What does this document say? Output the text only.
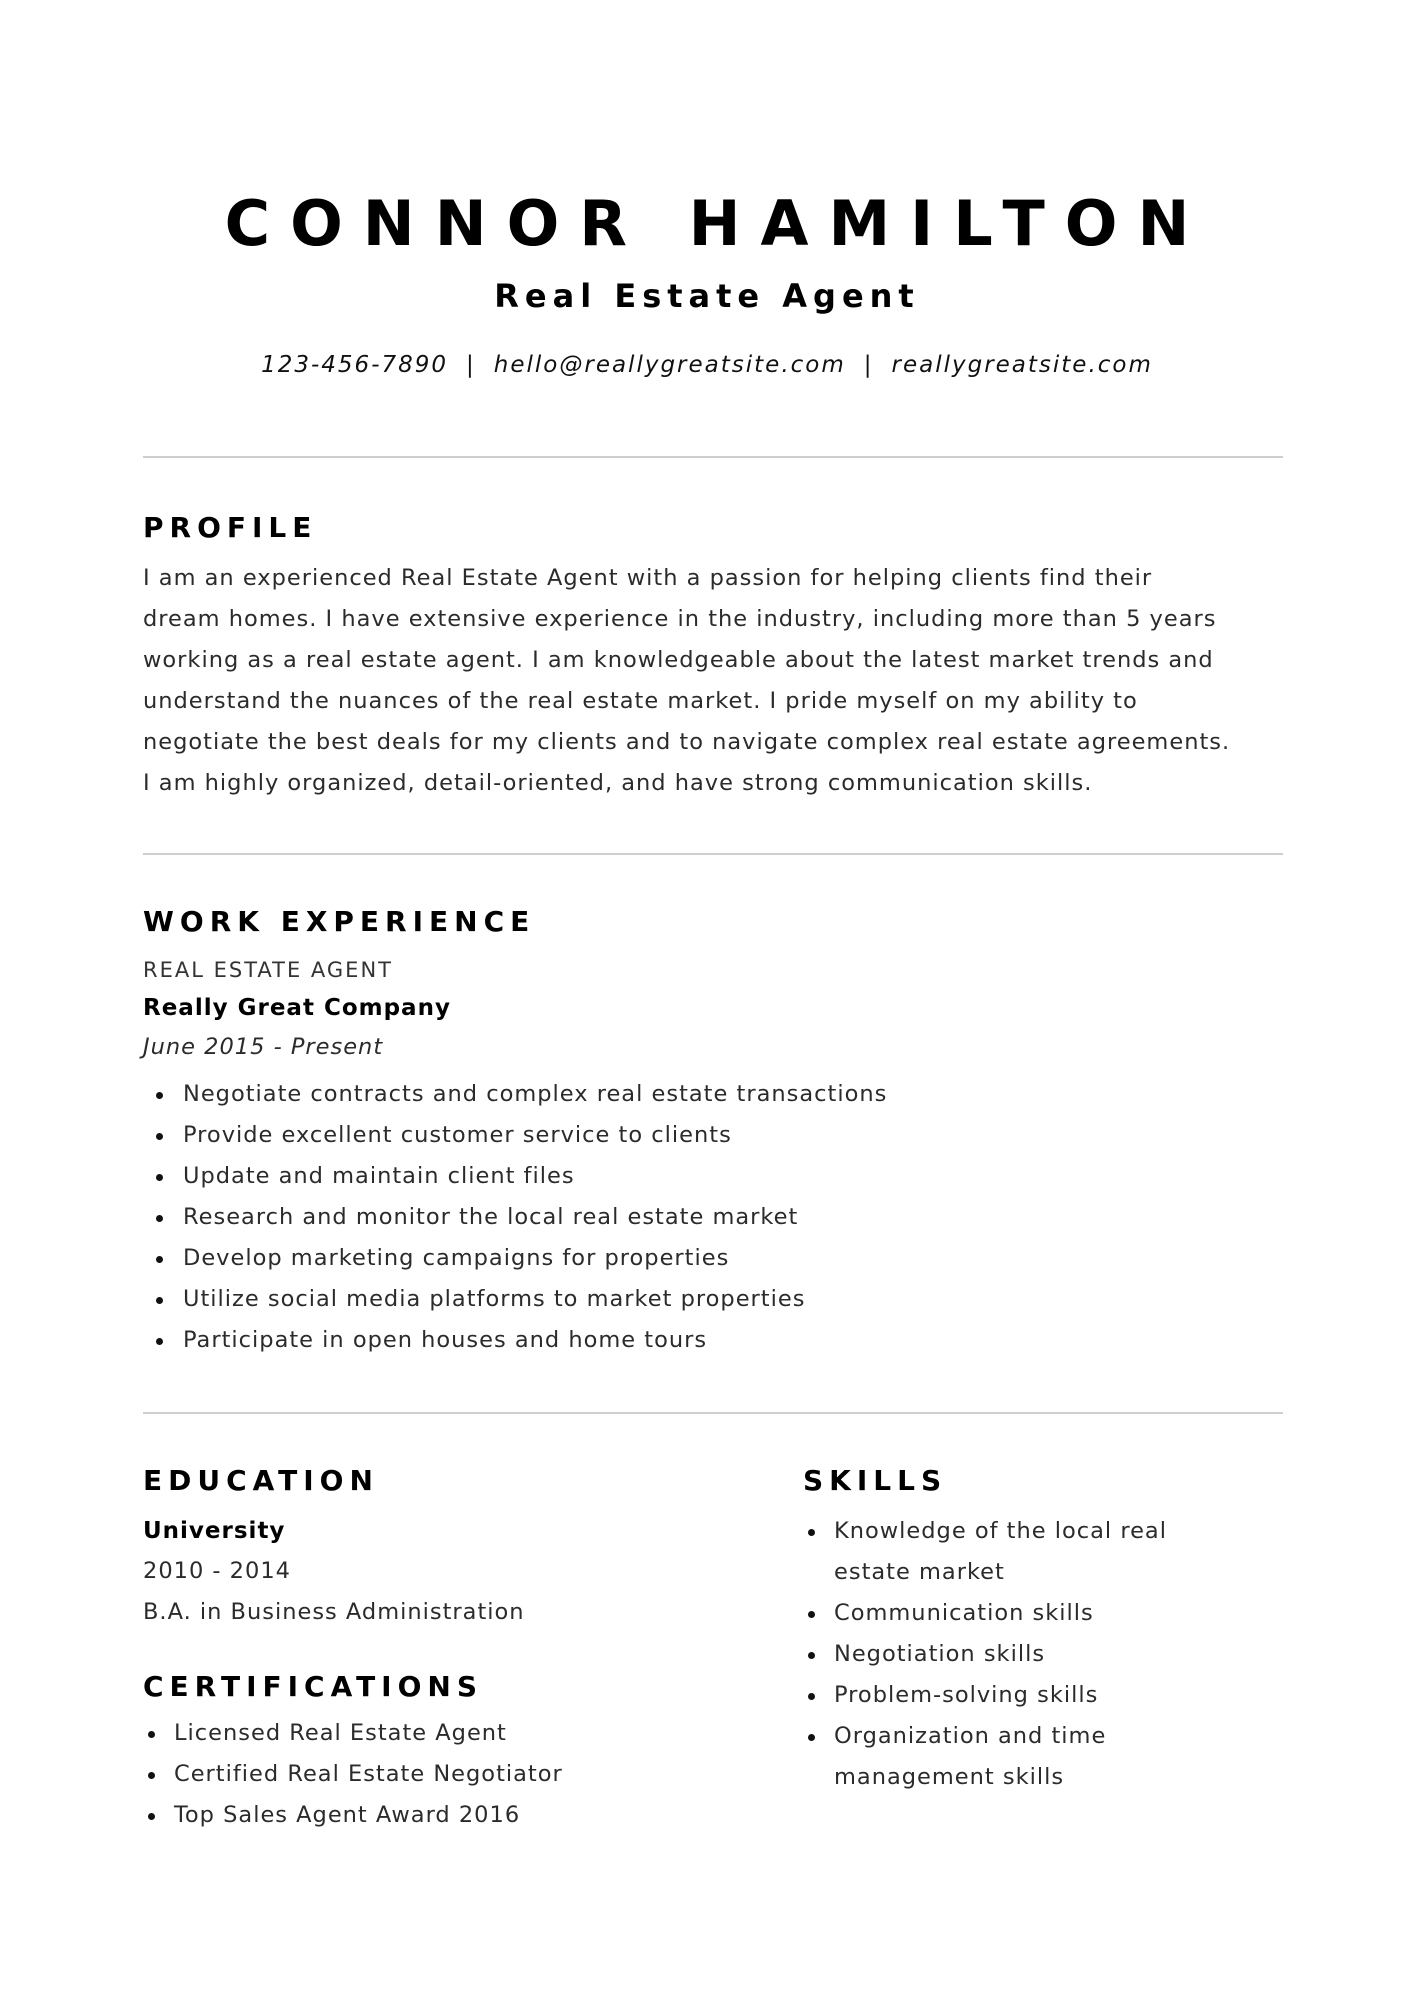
CONNOR HAMILTON
Real Estate Agent
123-456-7890 | hello@reallygreatsite.com | reallygreatsite.com
PROFILE
I am an experienced Real Estate Agent with a passion for helping clients find their
dream homes. I have extensive experience in the industry, including more than 5 years
working as a real estate agent. I am knowledgeable about the latest market trends and
understand the nuances of the real estate market. I pride myself on my ability to
negotiate the best deals for my clients and to navigate complex real estate agreements.
I am highly organized, detail-oriented, and have strong communication skills.
WORK EXPERIENCE
REAL ESTATE AGENT
Really Great Company
June 2015 - Present
Negotiate contracts and complex real estate transactions
Provide excellent customer service to clients
Update and maintain client files
Research and monitor the local real estate market
Develop marketing campaigns for properties
Utilize social media platforms to market properties
Participate in open houses and home tours
EDUCATION
University
2010 - 2014
B.A. in Business Administration
CERTIFICATIONS
Licensed Real Estate Agent
Certified Real Estate Negotiator
Top Sales Agent Award 2016
SKILLS
Knowledge of the local real
estate market
Communication skills
Negotiation skills
Problem-solving skills
Organization and time
management skills
